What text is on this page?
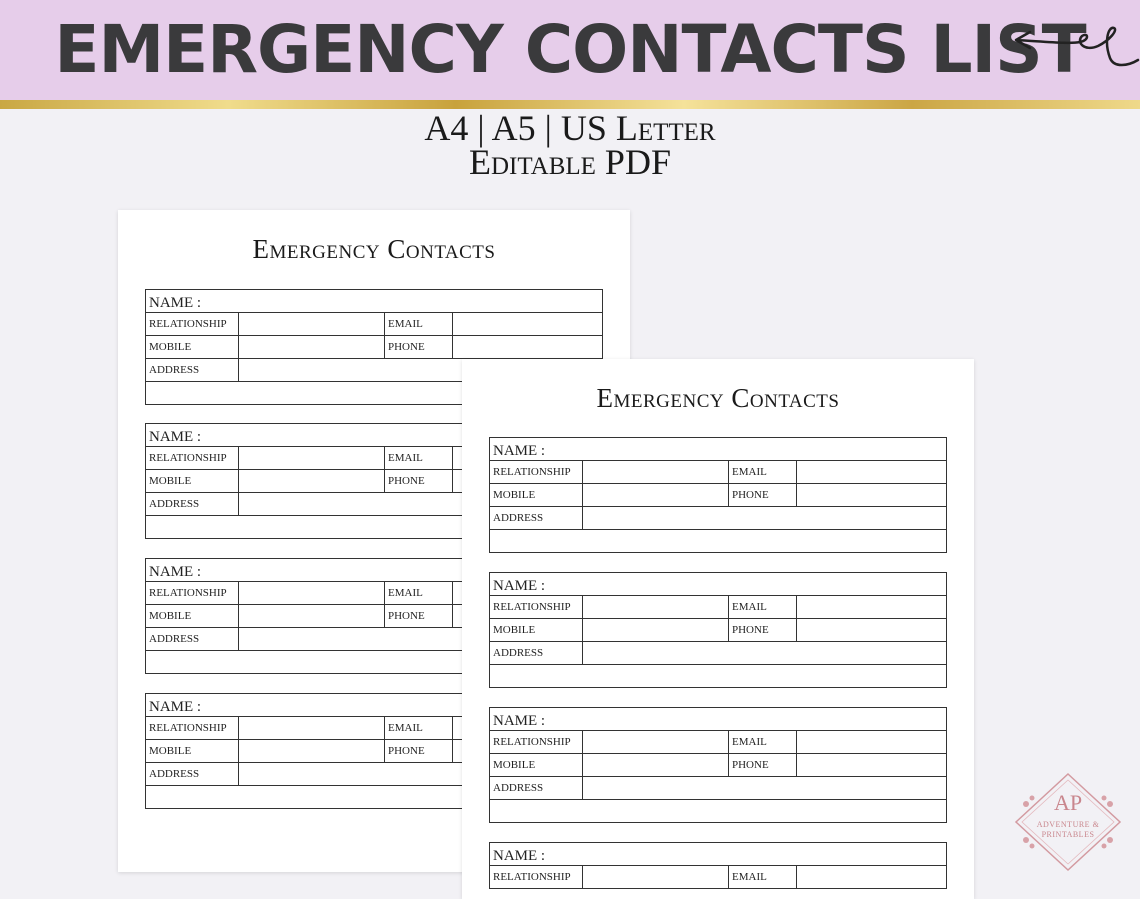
EMERGENCY CONTACTS LIST
A4 | A5 | US Letter
Editable PDF
Emergency Contacts
NAME :
RELATIONSHIP	EMAIL
MOBILE	PHONE
ADDRESS
NAME :
RELATIONSHIP	EMAIL
MOBILE	PHONE
ADDRESS
NAME :
RELATIONSHIP	EMAIL
MOBILE	PHONE
ADDRESS
NAME :
RELATIONSHIP	EMAIL
MOBILE	PHONE
ADDRESS
Emergency Contacts
NAME :
RELATIONSHIP	EMAIL
MOBILE	PHONE
ADDRESS
NAME :
RELATIONSHIP	EMAIL
MOBILE	PHONE
ADDRESS
NAME :
RELATIONSHIP	EMAIL
MOBILE	PHONE
ADDRESS
NAME :
RELATIONSHIP	EMAIL
AP
ADVENTURE &
PRINTABLES
